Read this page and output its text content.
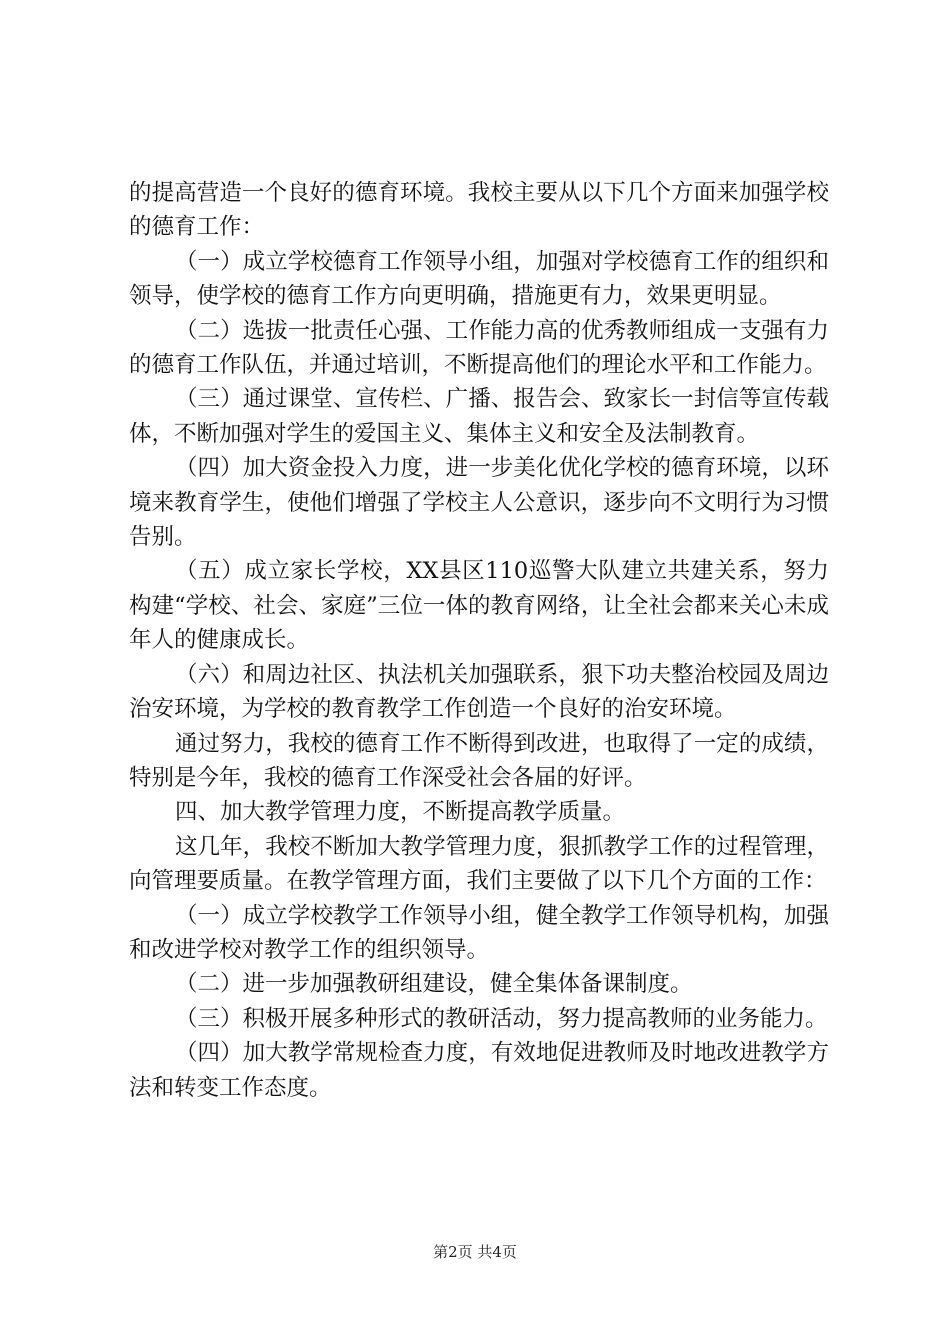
的提高营造一个良好的德育环境。我校主要从以下几个方面来加强学校的德育工作：

（一）成立学校德育工作领导小组，加强对学校德育工作的组织和领导，使学校的德育工作方向更明确，措施更有力，效果更明显。

（二）选拔一批责任心强、工作能力高的优秀教师组成一支强有力的德育工作队伍，并通过培训，不断提高他们的理论水平和工作能力。

（三）通过课堂、宣传栏、广播、报告会、致家长一封信等宣传载体，不断加强对学生的爱国主义、集体主义和安全及法制教育。

（四）加大资金投入力度，进一步美化优化学校的德育环境，以环境来教育学生，使他们增强了学校主人公意识，逐步向不文明行为习惯告别。

（五）成立家长学校，XX县区110巡警大队建立共建关系，努力构建“学校、社会、家庭”三位一体的教育网络，让全社会都来关心未成年人的健康成长。

（六）和周边社区、执法机关加强联系，狠下功夫整治校园及周边治安环境，为学校的教育教学工作创造一个良好的治安环境。

通过努力，我校的德育工作不断得到改进，也取得了一定的成绩，特别是今年，我校的德育工作深受社会各届的好评。

四、加大教学管理力度，不断提高教学质量。

这几年，我校不断加大教学管理力度，狠抓教学工作的过程管理，向管理要质量。在教学管理方面，我们主要做了以下几个方面的工作：

（一）成立学校教学工作领导小组，健全教学工作领导机构，加强和改进学校对教学工作的组织领导。

（二）进一步加强教研组建设，健全集体备课制度。

（三）积极开展多种形式的教研活动，努力提高教师的业务能力。

（四）加大教学常规检查力度，有效地促进教师及时地改进教学方法和转变工作态度。

第2页 共4页
